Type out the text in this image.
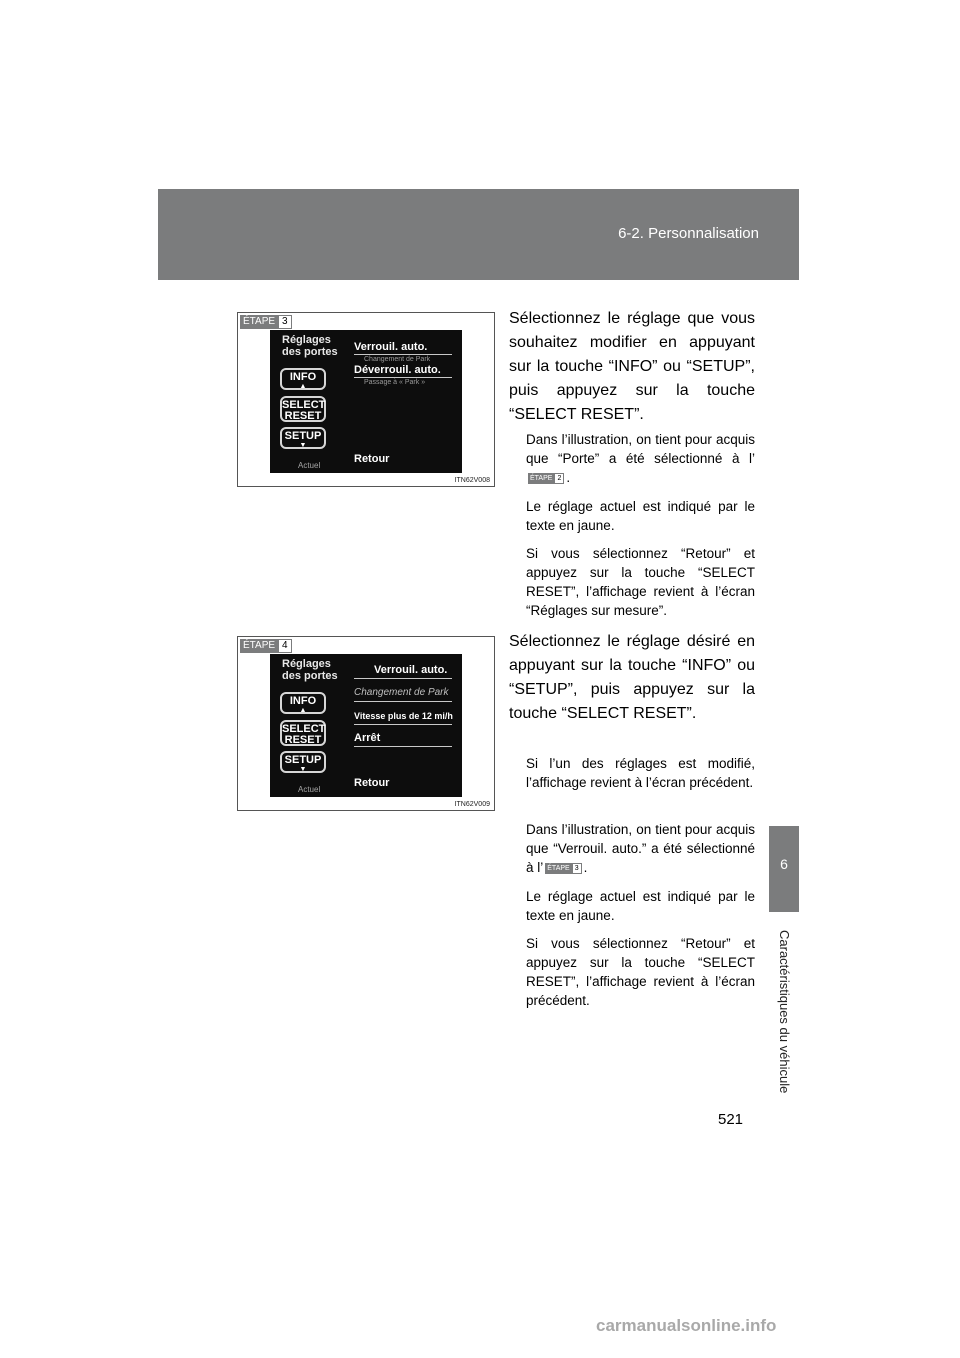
6-2. Personnalisation
6
Caractéristiques du véhicule
ÉTAPE 3
Réglages
des portes
INFO
▲
SELECT
RESET
SETUP
▼
Actuel
Verrouil. auto.
Changement de Park
Déverrouil. auto.
Passage à « Park »
Retour
ITN62V008
Sélectionnez le réglage que vous souhaitez modifier en appuyant sur la touche “INFO” ou “SETUP”, puis appuyez sur la touche “SELECT RESET”.
Dans l’illustration, on tient pour acquis que “Porte” a été sélectionné à l’
ÉTAPE 2 .
Le réglage actuel est indiqué par le texte en jaune.
Si vous sélectionnez “Retour” et appuyez sur la touche “SELECT RESET”, l’affichage revient à l’écran “Réglages sur mesure”.
ÉTAPE 4
Réglages
des portes
INFO
▲
SELECT
RESET
SETUP
▼
Actuel
Verrouil. auto.
Changement de Park
Vitesse plus de 12 mi/h
Arrêt
Retour
ITN62V009
Sélectionnez le réglage désiré en appuyant sur la touche “INFO” ou “SETUP”, puis appuyez sur la touche “SELECT RESET”.
Si l’un des réglages est modifié, l’affichage revient à l’écran précédent.
Dans l’illustration, on tient pour acquis que “Verrouil. auto.” a été sélectionné à l’ ÉTAPE 3 .
Le réglage actuel est indiqué par le texte en jaune.
Si vous sélectionnez “Retour” et appuyez sur la touche “SELECT RESET”, l’affichage revient à l’écran précédent.
521
carmanualsonline.info
